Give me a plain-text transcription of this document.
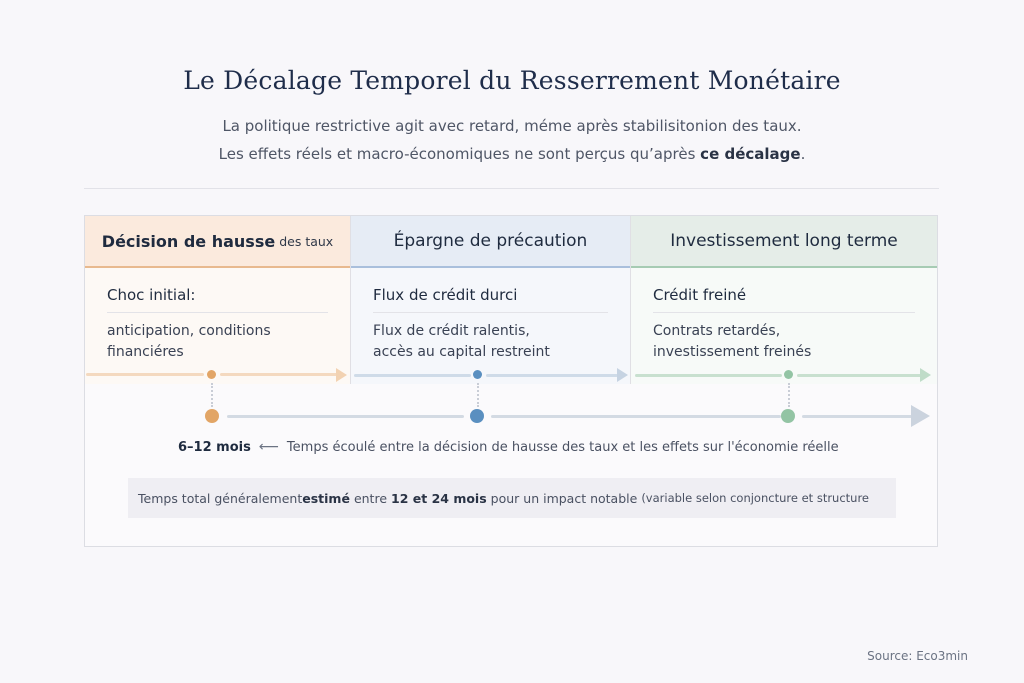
Le Décalage Temporel du Resserrement Monétaire
La politique restrictive agit avec retard, méme après stabilisitonion des taux.
Les effets réels et macro-économiques ne sont perçus qu’après ce décalage.
Décision de hausse des taux
Choc initial:
anticipation, conditions
financiéres
Épargne de précaution
Flux de crédit durci
Flux de crédit ralentis,
accès au capital restreint
Investissement long terme
Crédit freiné
Contrats retardés,
investissement freinés
6–12 mois ⟵ Temps écoulé entre la décision de hausse des taux et les effets sur l'économie réelle
Temps total généralement estimé entre 12 et 24 mois pour un impact notable (variable selon conjoncture et structure
Source: Eco3min
